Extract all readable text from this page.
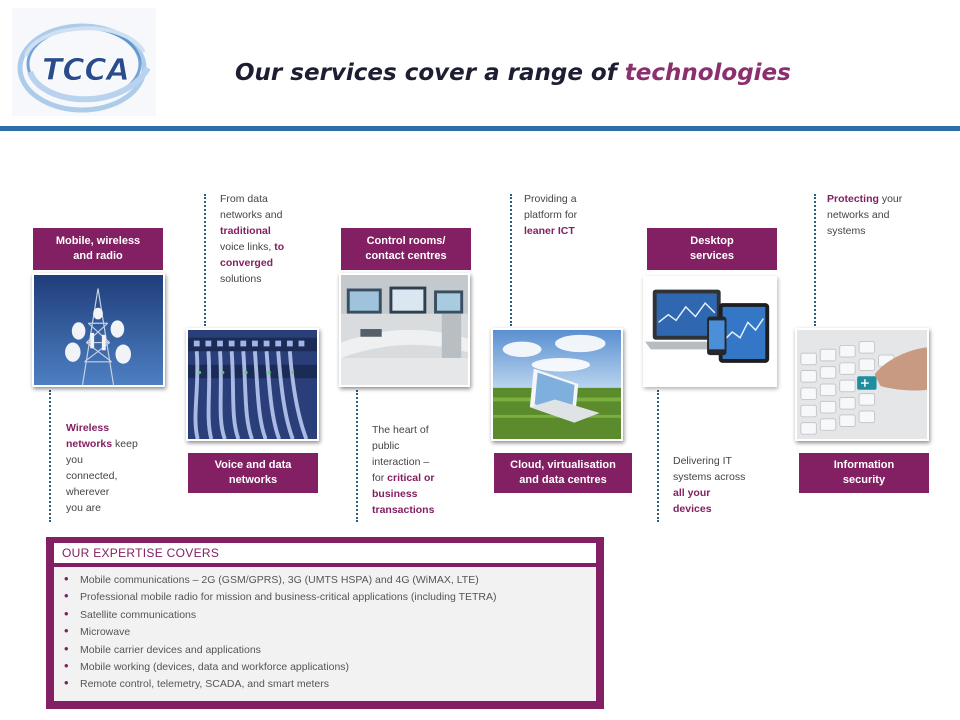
TCCA	Our services cover a range of technologies
Mobile, wireless
and radio
Voice and data
networks
Control rooms/
contact centres
Cloud, virtualisation
and data centres
Desktop
services
Information
security
Wireless
networks keep
you
connected,
wherever
you are
From data
networks and
traditional
voice links, to
converged
solutions
The heart of
public
interaction –
for critical or
business
transactions
Providing a
platform for
leaner ICT
Delivering IT
systems across
all your
devices
Protecting your
networks and
systems
OUR EXPERTISE COVERS
• Mobile communications – 2G (GSM/GPRS), 3G (UMTS HSPA) and 4G (WiMAX, LTE)
• Professional mobile radio for mission and business-critical applications (including TETRA)
• Satellite communications
• Microwave
• Mobile carrier devices and applications
• Mobile working (devices, data and workforce applications)
• Remote control, telemetry, SCADA, and smart meters
